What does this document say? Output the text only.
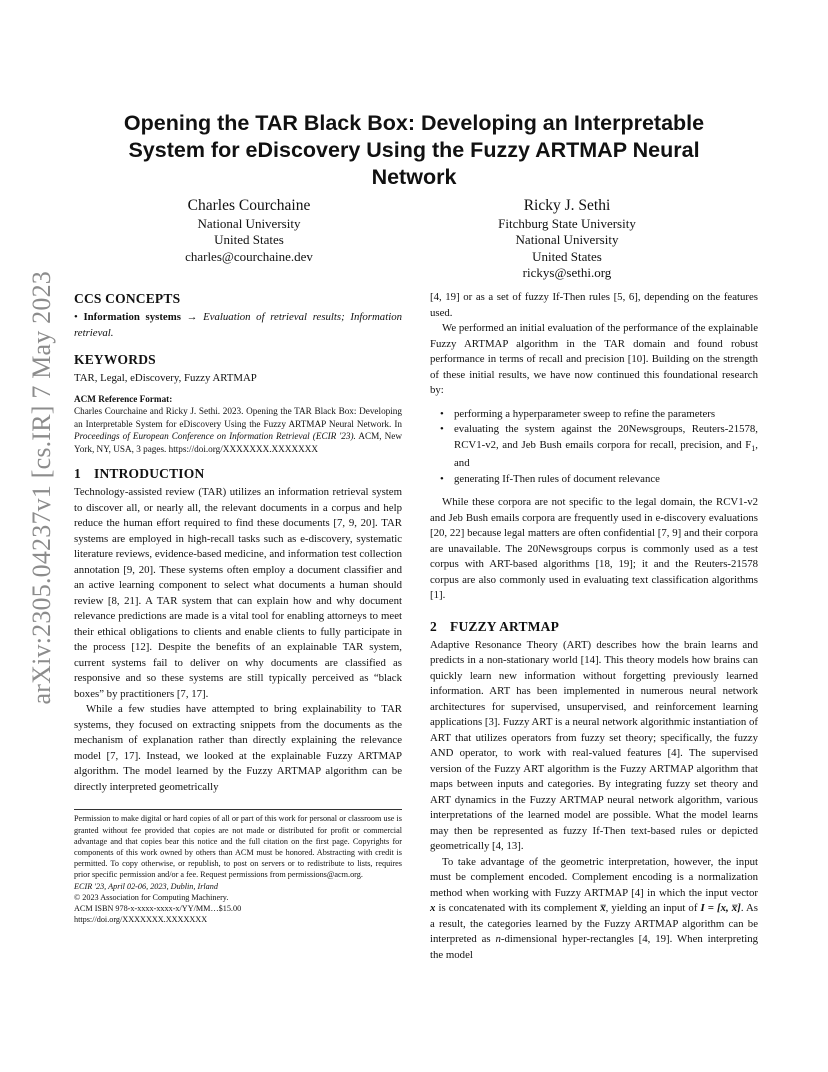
arXiv:2305.04237v1 [cs.IR] 7 May 2023
Opening the TAR Black Box: Developing an Interpretable System for eDiscovery Using the Fuzzy ARTMAP Neural Network
Charles Courchaine
National University
United States
charles@courchaine.dev
Ricky J. Sethi
Fitchburg State University
National University
United States
rickys@sethi.org
CCS CONCEPTS

• Information systems → Evaluation of retrieval results; Information retrieval.

KEYWORDS

TAR, Legal, eDiscovery, Fuzzy ARTMAP

ACM Reference Format:

Charles Courchaine and Ricky J. Sethi. 2023. Opening the TAR Black Box: Developing an Interpretable System for eDiscovery Using the Fuzzy ARTMAP Neural Network. In Proceedings of European Conference on Information Retrieval (ECIR '23). ACM, New York, NY, USA, 3 pages. https://doi.org/XXXXXXX.XXXXXXX

1 INTRODUCTION

Technology-assisted review (TAR) utilizes an information retrieval system to discover all, or nearly all, the relevant documents in a corpus and help reduce the human effort required to find these documents [7, 9, 20]. TAR systems are employed in high-recall tasks such as e-discovery, systematic literature reviews, evidence-based medicine, and information test collection annotation [9, 20]. These systems often employ a document classifier and an active learning component to select what documents a human should review [8, 21]. A TAR system that can explain how and why document relevance predictions are made is a vital tool for enabling attorneys to meet their ethical obligations to clients and enable clients to fully participate in the process [12]. Despite the benefits of an explainable TAR system, current systems fail to deliver on why documents are classified as responsive and so these systems are still typically perceived as “black boxes” by practitioners [7, 17].

While a few studies have attempted to bring explainability to TAR systems, they focused on extracting snippets from the documents as the mechanism of explanation rather than directly explaining the relevance model [7, 17]. Instead, we looked at the explainable Fuzzy ARTMAP algorithm. The model learned by the Fuzzy ARTMAP algorithm can be directly interpreted geometrically

Permission to make digital or hard copies of all or part of this work for personal or classroom use is granted without fee provided that copies are not made or distributed for profit or commercial advantage and that copies bear this notice and the full citation on the first page. Copyrights for components of this work owned by others than ACM must be honored. Abstracting with credit is permitted. To copy otherwise, or republish, to post on servers or to redistribute to lists, requires prior specific permission and/or a fee. Request permissions from permissions@acm.org.

ECIR '23, April 02-06, 2023, Dublin, Irland
© 2023 Association for Computing Machinery.
ACM ISBN 978-x-xxxx-xxxx-x/YY/MM…$15.00
https://doi.org/XXXXXXX.XXXXXXX

[4, 19] or as a set of fuzzy If-Then rules [5, 6], depending on the features used.

We performed an initial evaluation of the performance of the explainable Fuzzy ARTMAP algorithm in the TAR domain and found robust performance in terms of recall and precision [10]. Building on the strength of these initial results, we have now continued this foundational research by:

• performing a hyperparameter sweep to refine the parameters
• evaluating the system against the 20Newsgroups, Reuters-21578, RCV1-v2, and Jeb Bush emails corpora for recall, precision, and $F_1$, and
• generating If-Then rules of document relevance

While these corpora are not specific to the legal domain, the RCV1-v2 and Jeb Bush emails corpora are frequently used in e-discovery evaluations [20, 22] because legal matters are often confidential [7, 9] and their corpora are unavailable. The 20Newsgroups corpus is commonly used as a test corpus with ART-based algorithms [18, 19]; it and the Reuters-21578 corpus are also commonly used in evaluating text classification algorithms [1].

2 FUZZY ARTMAP

Adaptive Resonance Theory (ART) describes how the brain learns and predicts in a non-stationary world [14]. This theory models how brains can quickly learn new information without forgetting previously learned information. ART has been implemented in numerous neural network architectures for supervised, unsupervised, and reinforcement learning applications [3]. Fuzzy ART is a neural network algorithmic instantiation of ART that utilizes operators from fuzzy set theory; specifically, the fuzzy AND operator, to work with real-valued features [4]. The supervised version of the Fuzzy ART algorithm is the Fuzzy ARTMAP algorithm that maps between inputs and categories. By integrating fuzzy set theory and ART dynamics in the Fuzzy ARTMAP neural network algorithm, various interpretations of the learned model are possible. What the model learns may then be represented as fuzzy If-Then text-based rules or depicted geometrically [4, 13].

To take advantage of the geometric interpretation, however, the input must be complement encoded. Complement encoding is a normalization method when working with Fuzzy ARTMAP [4] in which the input vector x is concatenated with its complement x̅, yielding an input of I = [x, x̅]. As a result, the categories learned by the Fuzzy ARTMAP algorithm can be interpreted as n-dimensional hyper-rectangles [4, 19]. When interpreting the model
